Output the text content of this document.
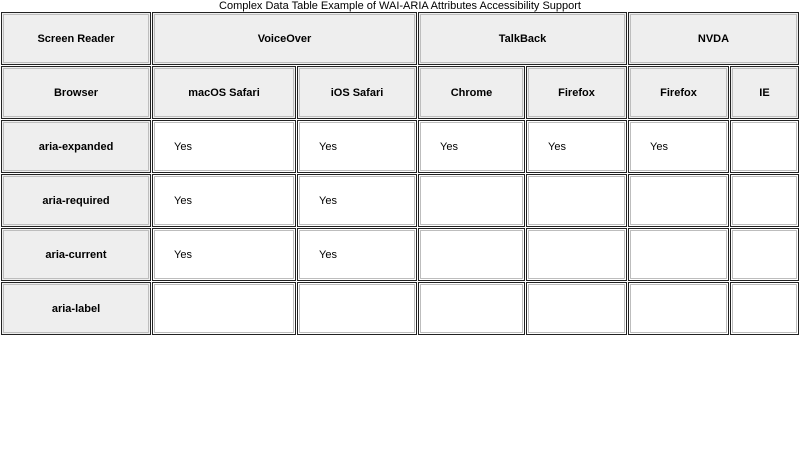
Complex Data Table Example of WAI-ARIA Attributes Accessibility Support
Screen Reader	VoiceOver	TalkBack	NVDA
Browser	macOS Safari	iOS Safari	Chrome	Firefox	Firefox	IE
aria-expanded	Yes	Yes	Yes	Yes	Yes
aria-required	Yes	Yes
aria-current	Yes	Yes
aria-label
